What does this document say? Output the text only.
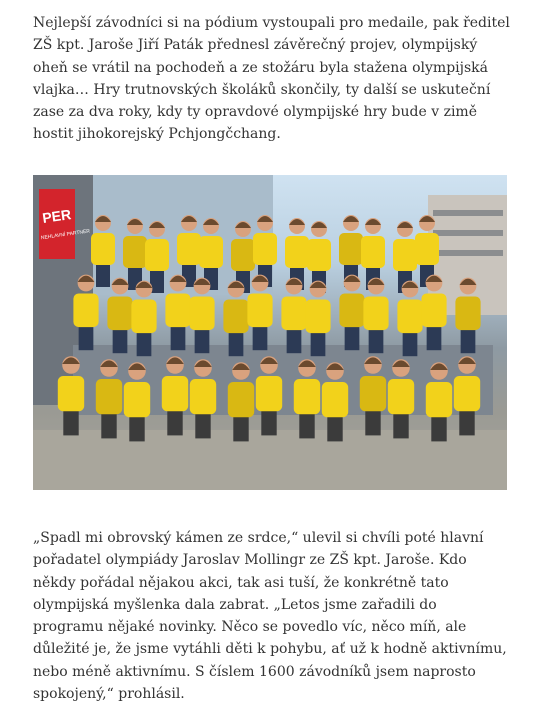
Nejlepší závodníci si na pódium vystoupali pro medaile, pak ředitel ZŠ kpt. Jaroše Jiří Paták přednesl závěrečný projev, olympijský oheň se vrátil na pochodeň a ze stožáru byla stažena olympijská vlajka… Hry trutnovských školáků skončily, ty další se uskuteční zase za dva roky, kdy ty opravdové olympijské hry bude v zimě hostit jihokorejský Pchjongčchang.

PER
NEHLAVNÍ PARTNER

„Spadl mi obrovský kámen ze srdce,“ ulevil si chvíli poté hlavní pořadatel olympiády Jaroslav Mollingr ze ZŠ kpt. Jaroše. Kdo někdy pořádal nějakou akci, tak asi tuší, že konkrétně tato olympijská myšlenka dala zabrat. „Letos jsme zařadili do programu nějaké novinky. Něco se povedlo víc, něco míň, ale důležité je, že jsme vytáhli děti k pohybu, ať už k hodně aktivnímu, nebo méně aktivnímu. S číslem 1600 závodníků jsem naprosto spokojený,“ prohlásil.
